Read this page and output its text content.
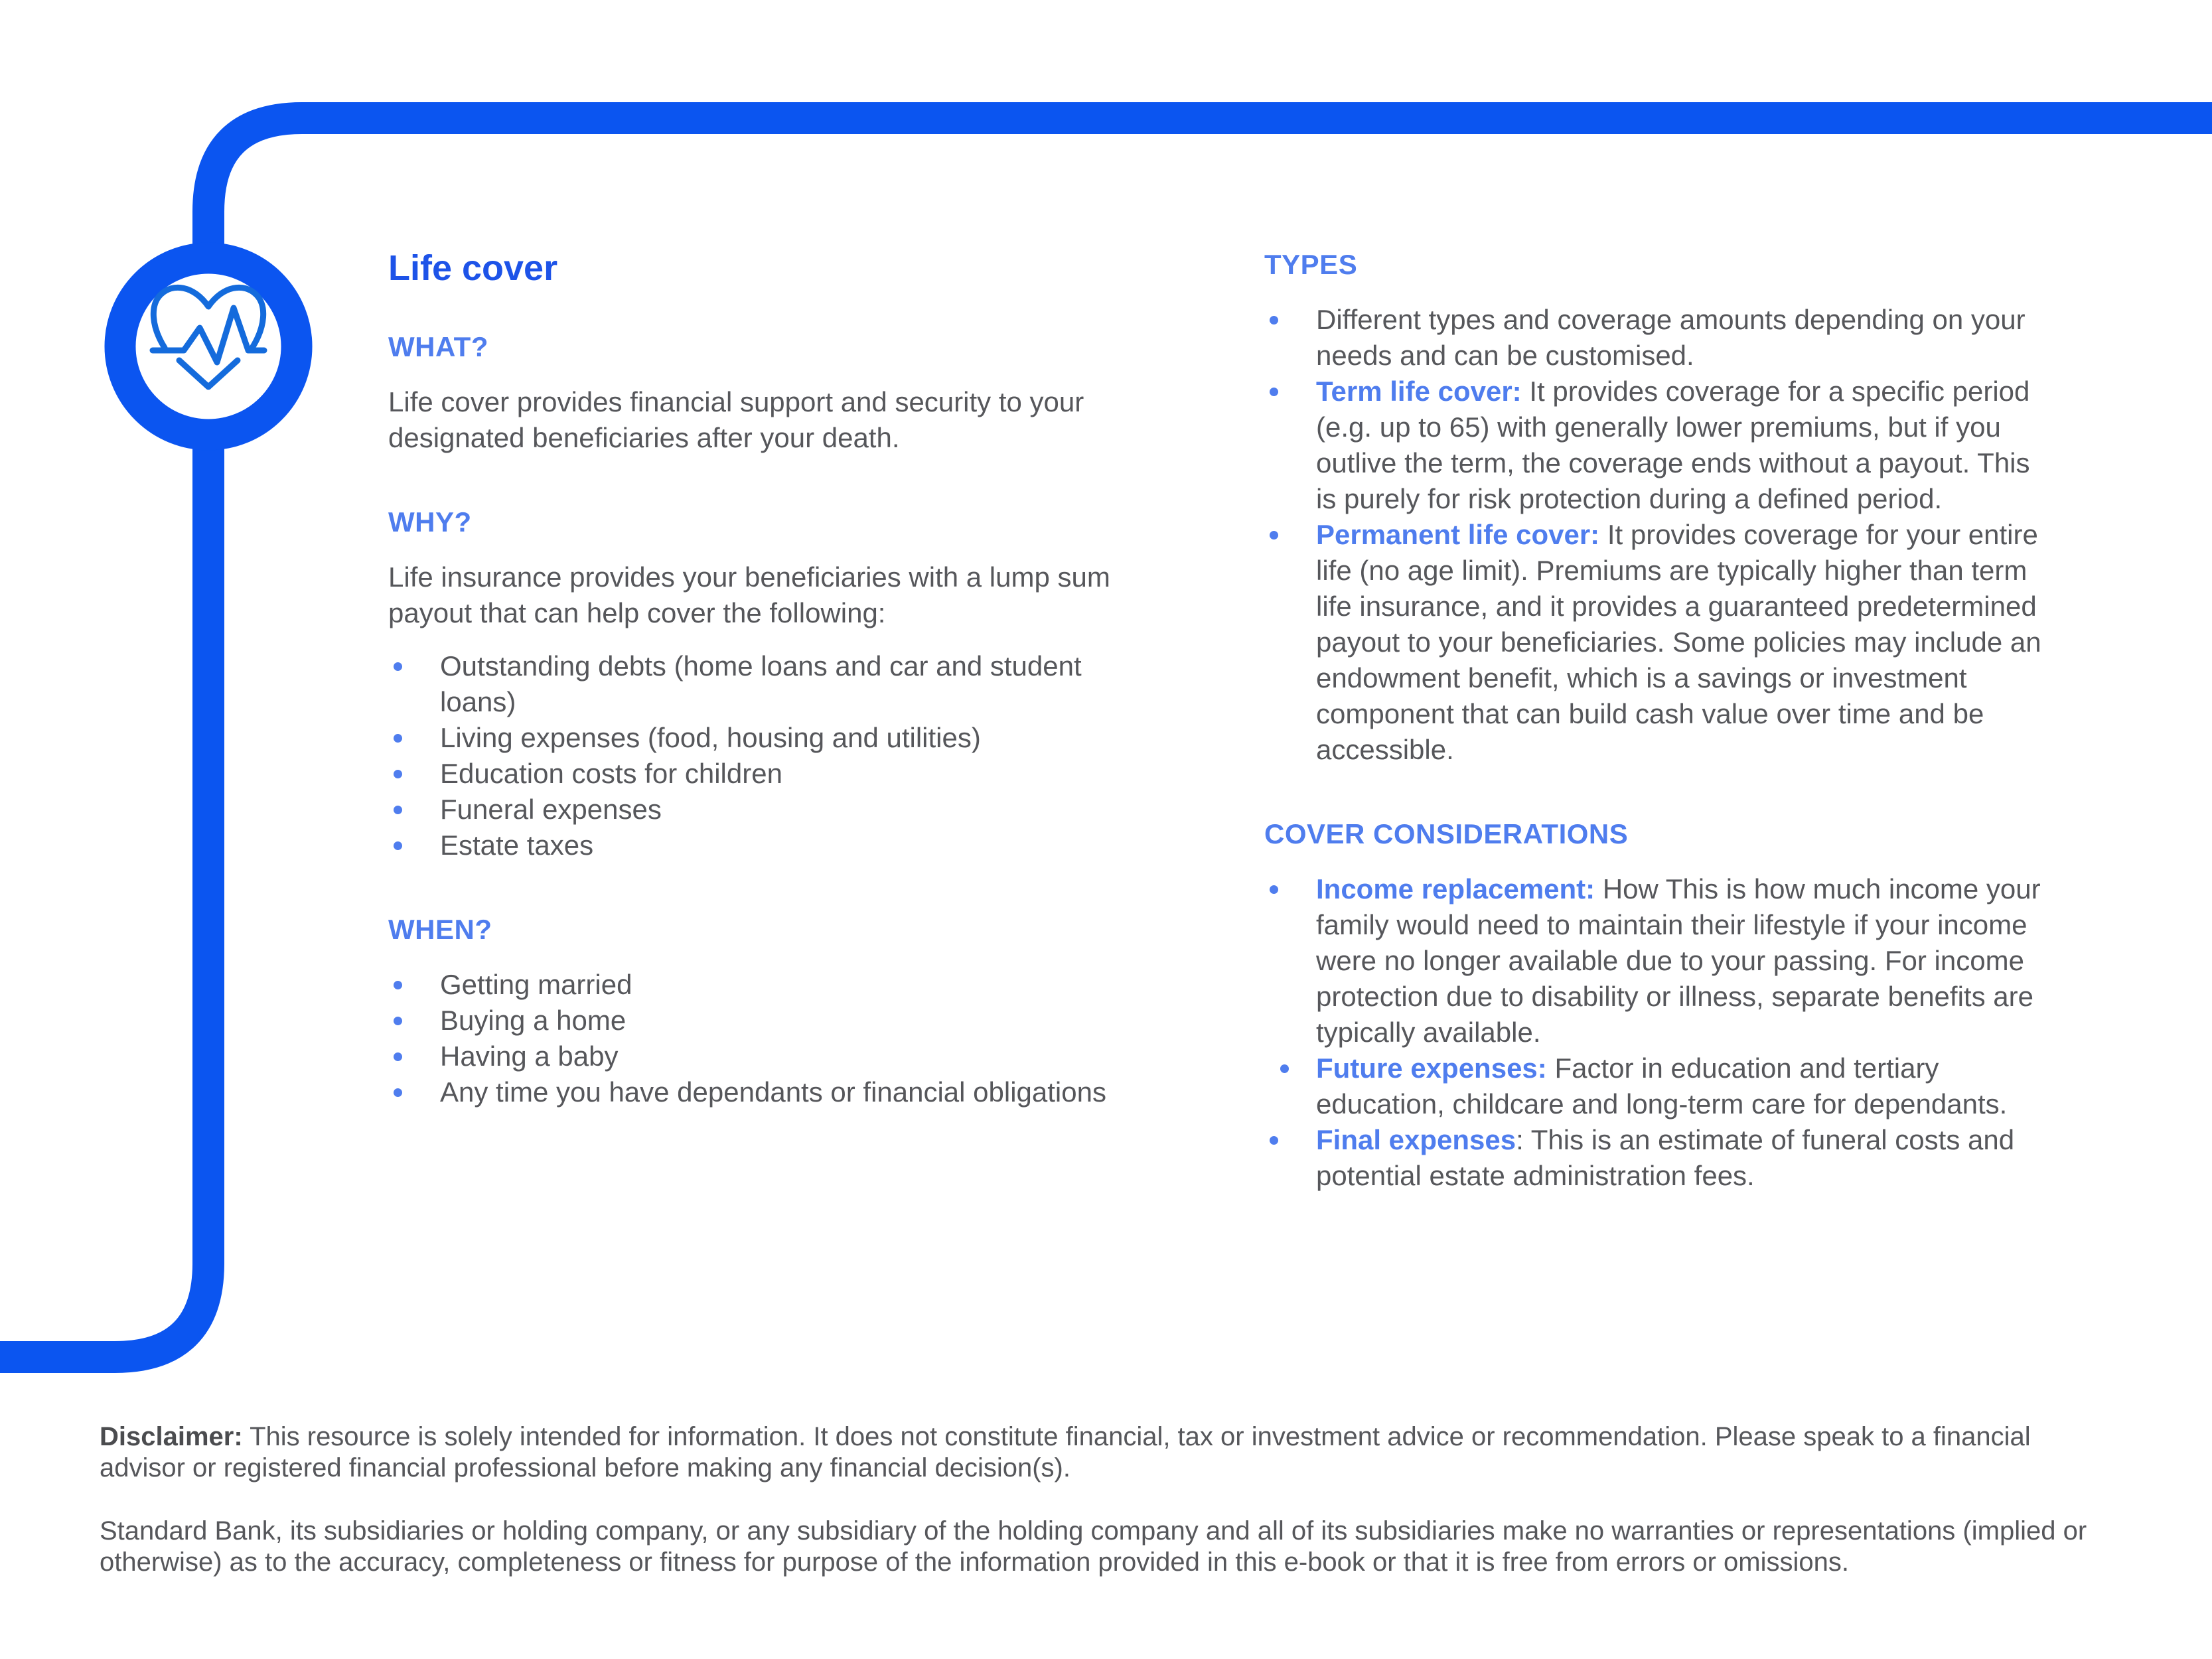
Life cover
WHAT?

Life cover provides financial support and security to your designated beneficiaries after your death.

WHY?

Life insurance provides your beneficiaries with a lump sum payout that can help cover the following:

Outstanding debts (home loans and car and student loans)
Living expenses (food, housing and utilities)
Education costs for children
Funeral expenses
Estate taxes
WHEN?
Getting married
Buying a home
Having a baby
Any time you have dependants or financial obligations
TYPES
Different types and coverage amounts depending on your needs and can be customised.
Term life cover: It provides coverage for a specific period (e.g. up to 65) with generally lower premiums, but if you outlive the term, the coverage ends without a payout. This is purely for risk protection during a defined period.
Permanent life cover: It provides coverage for your entire life (no age limit). Premiums are typically higher than term life insurance, and it provides a guaranteed predetermined payout to your beneficiaries. Some policies may include an endowment benefit, which is a savings or investment component that can build cash value over time and be accessible.
COVER CONSIDERATIONS
Income replacement: How This is how much income your family would need to maintain their lifestyle if your income were no longer available due to your passing. For income protection due to disability or illness, separate benefits are typically available.
Future expenses: Factor in education and tertiary education, childcare and long-term care for dependants.
Final expenses: This is an estimate of funeral costs and potential estate administration fees.

Disclaimer: This resource is solely intended for information. It does not constitute financial, tax or investment advice or recommendation. Please speak to a financial advisor or registered financial professional before making any financial decision(s).

Standard Bank, its subsidiaries or holding company, or any subsidiary of the holding company and all of its subsidiaries make no warranties or representations (implied or otherwise) as to the accuracy, completeness or fitness for purpose of the information provided in this e-book or that it is free from errors or omissions.
